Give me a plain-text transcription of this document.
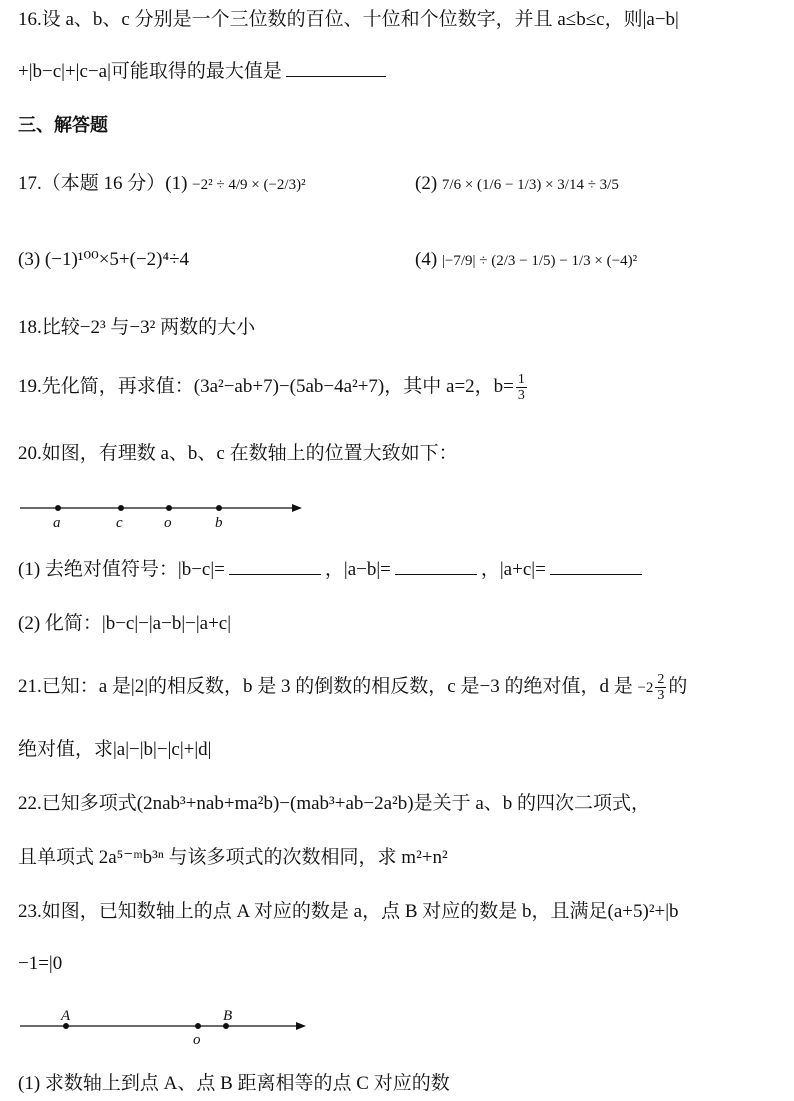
16.设 a、b、c 分别是一个三位数的百位、十位和个位数字，并且 a≤b≤c，则|a−b|
+|b−c|+|c−a|可能取得的最大值是
三、解答题
17.（本题 16 分）(1) −2² ÷ 4/9 × (−2/3)²	(2) 7/6 × (1/6 − 1/3) × 3/14 ÷ 3/5
(3) (−1)¹⁰⁰×5+(−2)⁴÷4	(4) |−7/9| ÷ (2/3 − 1/5) − 1/3 × (−4)²
18.比较−2³ 与−3² 两数的大小
19.先化简，再求值：(3a²−ab+7)−(5ab−4a²+7)，其中 a=2，$b= \frac{1}{3}$
20.如图，有理数 a、b、c 在数轴上的位置大致如下：
a	c	o	b
(1) 去绝对值符号：|b−c|=	，|a−b|=	，|a+c|=
(2) 化简：|b−c|−|a−b|−|a+c|
21.已知：a 是|2|的相反数，b 是 3 的倒数的相反数，c 是−3 的绝对值，d 是 $-2 \frac{2}{3}$ 的
绝对值，求|a|−|b|−|c|+|d|
22.已知多项式(2nab³+nab+ma²b)−(mab³+ab−2a²b)是关于 a、b 的四次二项式，
且单项式 2a⁵⁻ᵐb³ⁿ 与该多项式的次数相同，求 m²+n²
23.如图，已知数轴上的点 A 对应的数是 a，点 B 对应的数是 b，且满足(a+5)²+|b
−1=|0
A	B
o
(1) 求数轴上到点 A、点 B 距离相等的点 C 对应的数
